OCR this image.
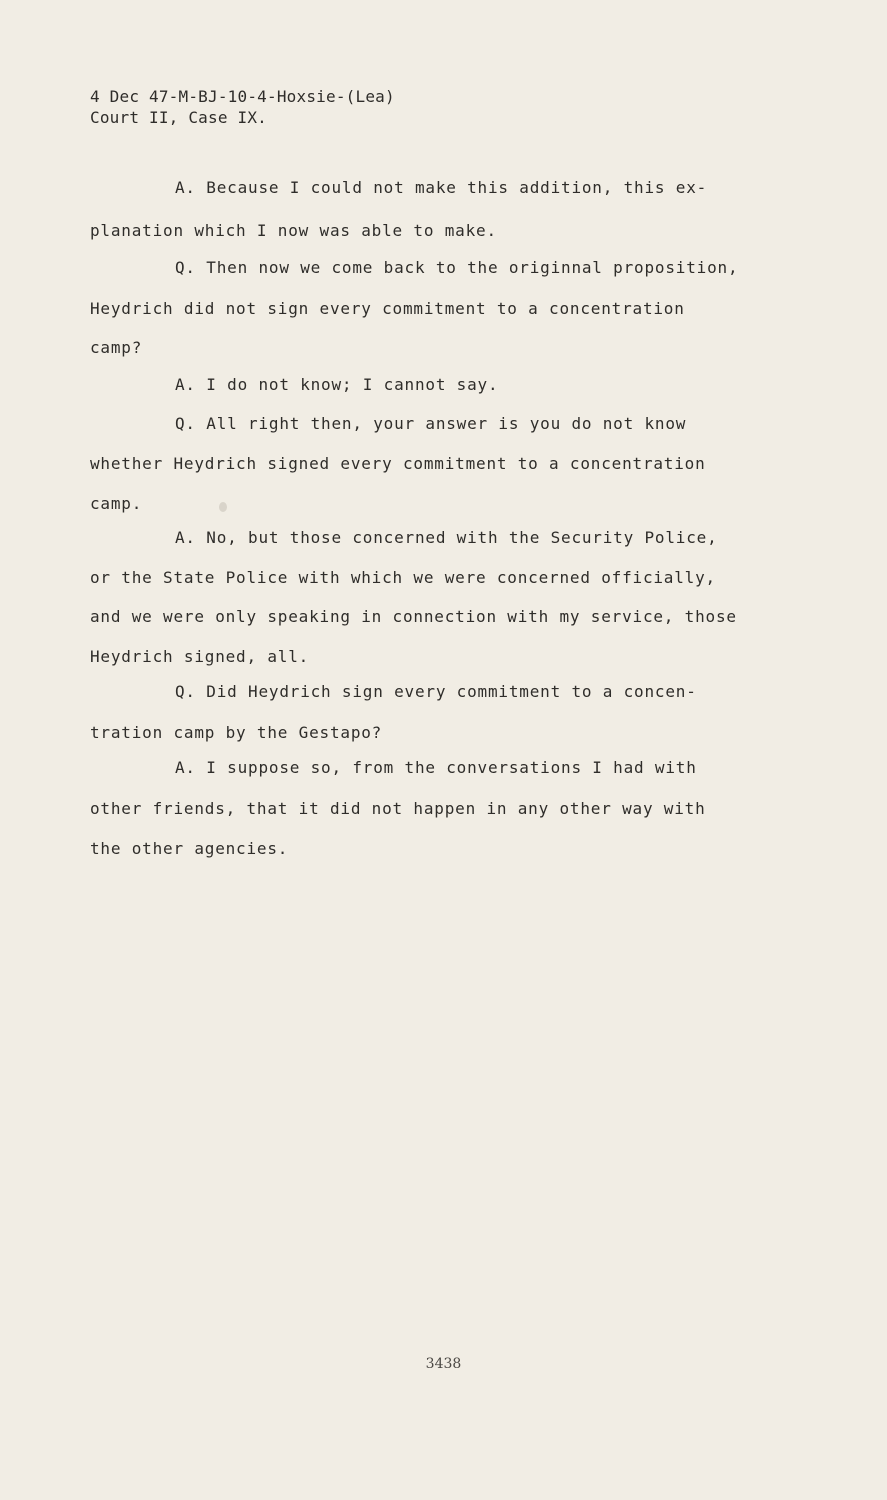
4 Dec 47-M-BJ-10-4-Hoxsie-(Lea)
Court II, Case IX.
A. Because I could not make this addition, this ex-
planation which I now was able to make.
Q. Then now we come back to the originnal proposition,
Heydrich did not sign every commitment to a concentration
camp?
A. I do not know; I cannot say.
Q. All right then, your answer is you do not know
whether Heydrich signed every commitment to a concentration
camp.
A. No, but those concerned with the Security Police,
or the State Police with which we were concerned officially,
and we were only speaking in connection with my service, those
Heydrich signed, all.
Q. Did Heydrich sign every commitment to a concen-
tration camp by the Gestapo?
A. I suppose so, from the conversations I had with
other friends, that it did not happen in any other way with
the other agencies.
3438
